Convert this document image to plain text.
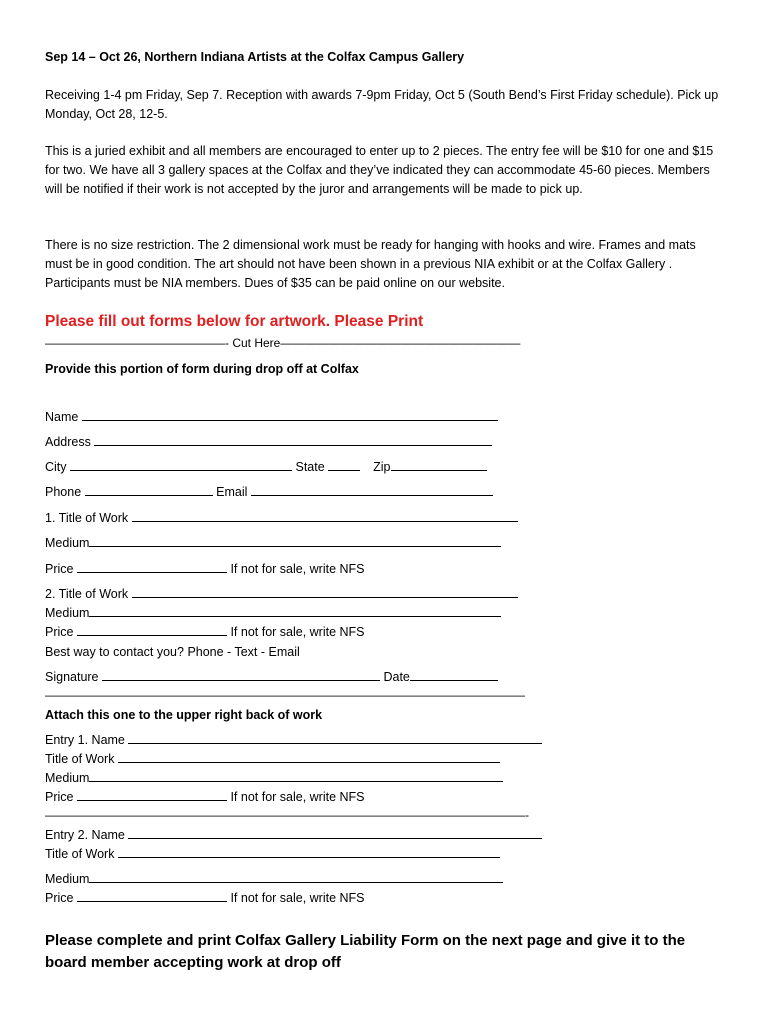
Sep 14 – Oct 26, Northern Indiana Artists at the Colfax Campus Gallery

Receiving 1-4 pm Friday, Sep 7. Reception with awards 7-9pm Friday, Oct 5 (South Bend’s First Friday schedule). Pick up Monday, Oct 28, 12-5.

This is a juried exhibit and all members are encouraged to enter up to 2 pieces. The entry fee will be $10 for one and $15 for two. We have all 3 gallery spaces at the Colfax and they’ve indicated they can accommodate 45-60 pieces. Members will be notified if their work is not accepted by the juror and arrangements will be made to pick up.

There is no size restriction. The 2 dimensional work must be ready for hanging with hooks and wire. Frames and mats must be in good condition. The art should not have been shown in a previous NIA exhibit or at the Colfax Gallery . Participants must be NIA members. Dues of $35 can be paid online on our website.

Please fill out forms below for artwork. Please Print

———————————————- Cut Here————————————————————

Provide this portion of form during drop off at Colfax

Name
Address
City	State	Zip
Phone	Email
1. Title of Work
Medium
Price	If not for sale, write NFS
2. Title of Work
Medium
Price	If not for sale, write NFS
Best way to contact you? Phone - Text - Email
Signature	Date

————————————————————————————————————————

Attach this one to the upper right back of work

Entry 1. Name
Title of Work
Medium
Price	If not for sale, write NFS

————————————————————————————————————————-

Entry 2. Name
Title of Work
Medium
Price	If not for sale, write NFS

Please complete and print Colfax Gallery Liability Form on the next page and give it to the board member accepting work at drop off
